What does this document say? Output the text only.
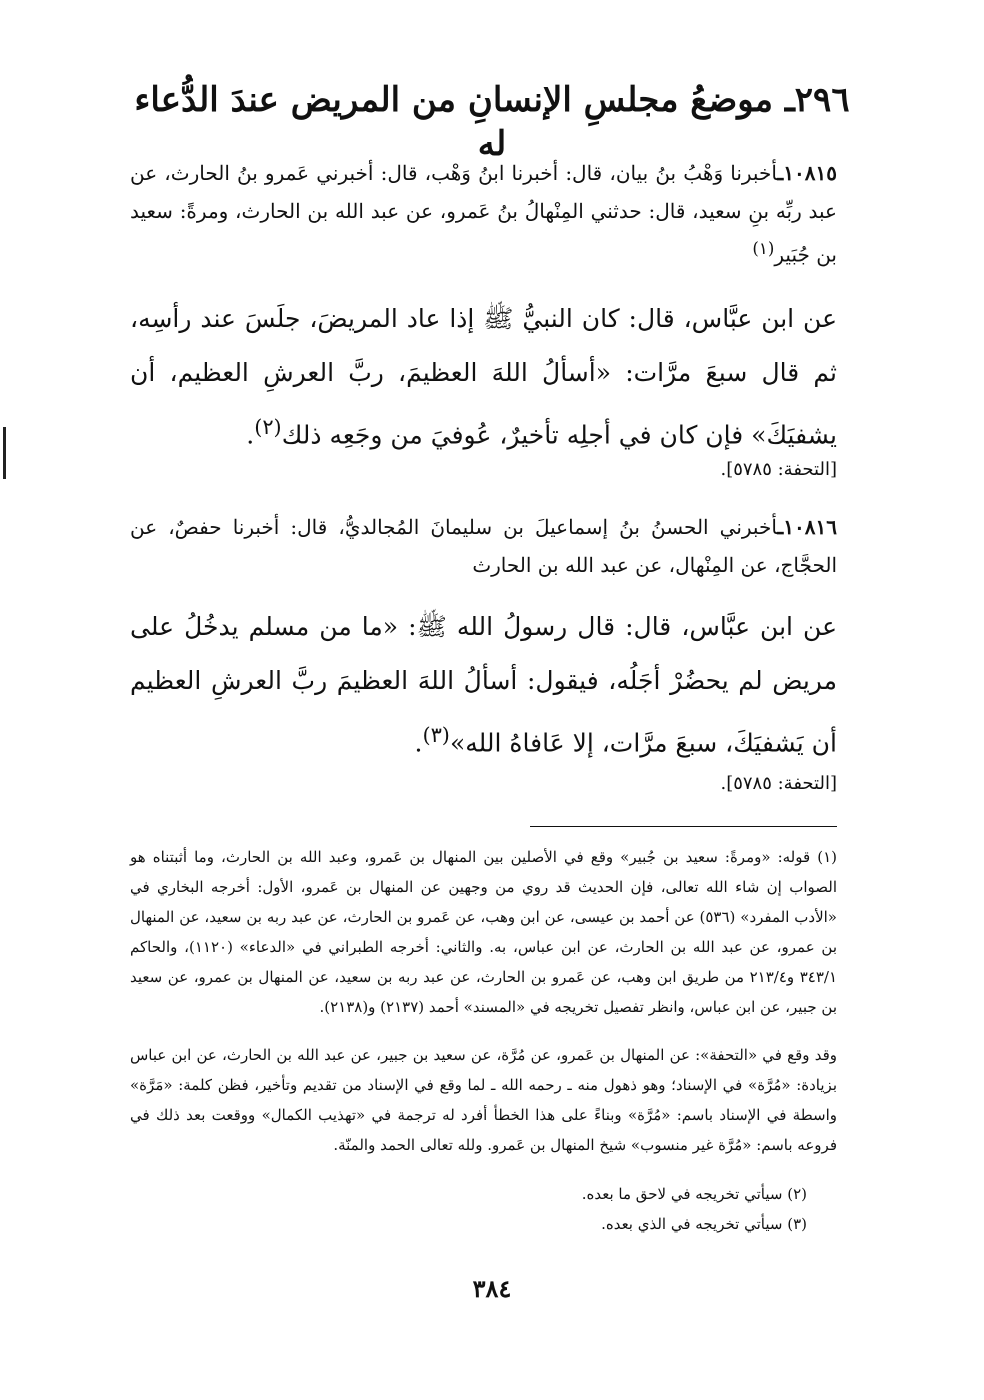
٢٩٦ـ موضعُ مجلسِ الإنسانِ من المريض عندَ الدُّعاء له
١٠٨١٥ـأخبرنا وَهْبُ بنُ بيان، قال: أخبرنا ابنُ وَهْب، قال: أخبرني عَمرو بنُ الحارث، عن عبد ربِّه بنِ سعيد، قال: حدثني المِنْهالُ بنُ عَمرو، عن عبد الله بن الحارث، ومرةً: سعيد بن جُبَير$^{(١)}$
عن ابن عبَّاس، قال: كان النبيُّ ﷺ إذا عاد المريضَ، جلَسَ عند رأسِه، ثم قال سبعَ مرَّات: «أسألُ اللهَ العظيمَ، ربَّ العرشِ العظيم، أن يشفيَكَ» فإن كان في أجلِه تأخيرٌ، عُوفيَ من وجَعِه ذلك$^{(٢)}$.
[التحفة: ٥٧٨٥].
١٠٨١٦ـأخبرني الحسنُ بنُ إسماعيلَ بن سليمانَ المُجالديُّ، قال: أخبرنا حفصٌ، عن الحجَّاج، عن المِنْهال، عن عبد الله بن الحارث
عن ابن عبَّاس، قال: قال رسولُ الله ﷺ: «ما من مسلم يدخُلُ على مريض لم يحضُرْ أجَلُه، فيقول: أسألُ اللهَ العظيمَ ربَّ العرشِ العظيم أن يَشفيَكَ، سبعَ مرَّات، إلا عَافاهُ الله»$^{(٣)}$.
[التحفة: ٥٧٨٥].
(١) قوله: «ومرةً: سعيد بن جُبير» وقع في الأصلين بين المنهال بن عَمرو، وعبد الله بن الحارث، وما أثبتناه هو الصواب إن شاء الله تعالى، فإن الحديث قد روي من وجهين عن المنهال بن عَمرو، الأول: أخرجه البخاري في «الأدب المفرد» (٥٣٦) عن أحمد بن عيسى، عن ابن وهب، عن عَمرو بن الحارث، عن عبد ربه بن سعيد، عن المنهال بن عمرو، عن عبد الله بن الحارث، عن ابن عباس، به. والثاني: أخرجه الطبراني في «الدعاء» (١١٢٠)، والحاكم ٣٤٣/١ و٢١٣/٤ من طريق ابن وهب، عن عَمرو بن الحارث، عن عبد ربه بن سعيد، عن المنهال بن عمرو، عن سعيد بن جبير، عن ابن عباس، وانظر تفصيل تخريجه في «المسند» أحمد (٢١٣٧) و(٢١٣٨).
وقد وقع في «التحفة»: عن المنهال بن عَمرو، عن مُرَّة، عن سعيد بن جبير، عن عبد الله بن الحارث، عن ابن عباس بزيادة: «مُرَّة» في الإسناد؛ وهو ذهول منه ـ رحمه الله ـ لما وقع في الإسناد من تقديم وتأخير، فظن كلمة: «مَرَّة» واسطة في الإسناد باسم: «مُرَّة» وبناءً على هذا الخطأ أفرد له ترجمة في «تهذيب الكمال» ووقعت بعد ذلك في فروعه باسم: «مُرَّة غير منسوب» شيخ المنهال بن عَمرو. ولله تعالى الحمد والمنّة.
(٢) سيأتي تخريجه في لاحق ما بعده.
(٣) سيأتي تخريجه في الذي بعده.
٣٨٤
